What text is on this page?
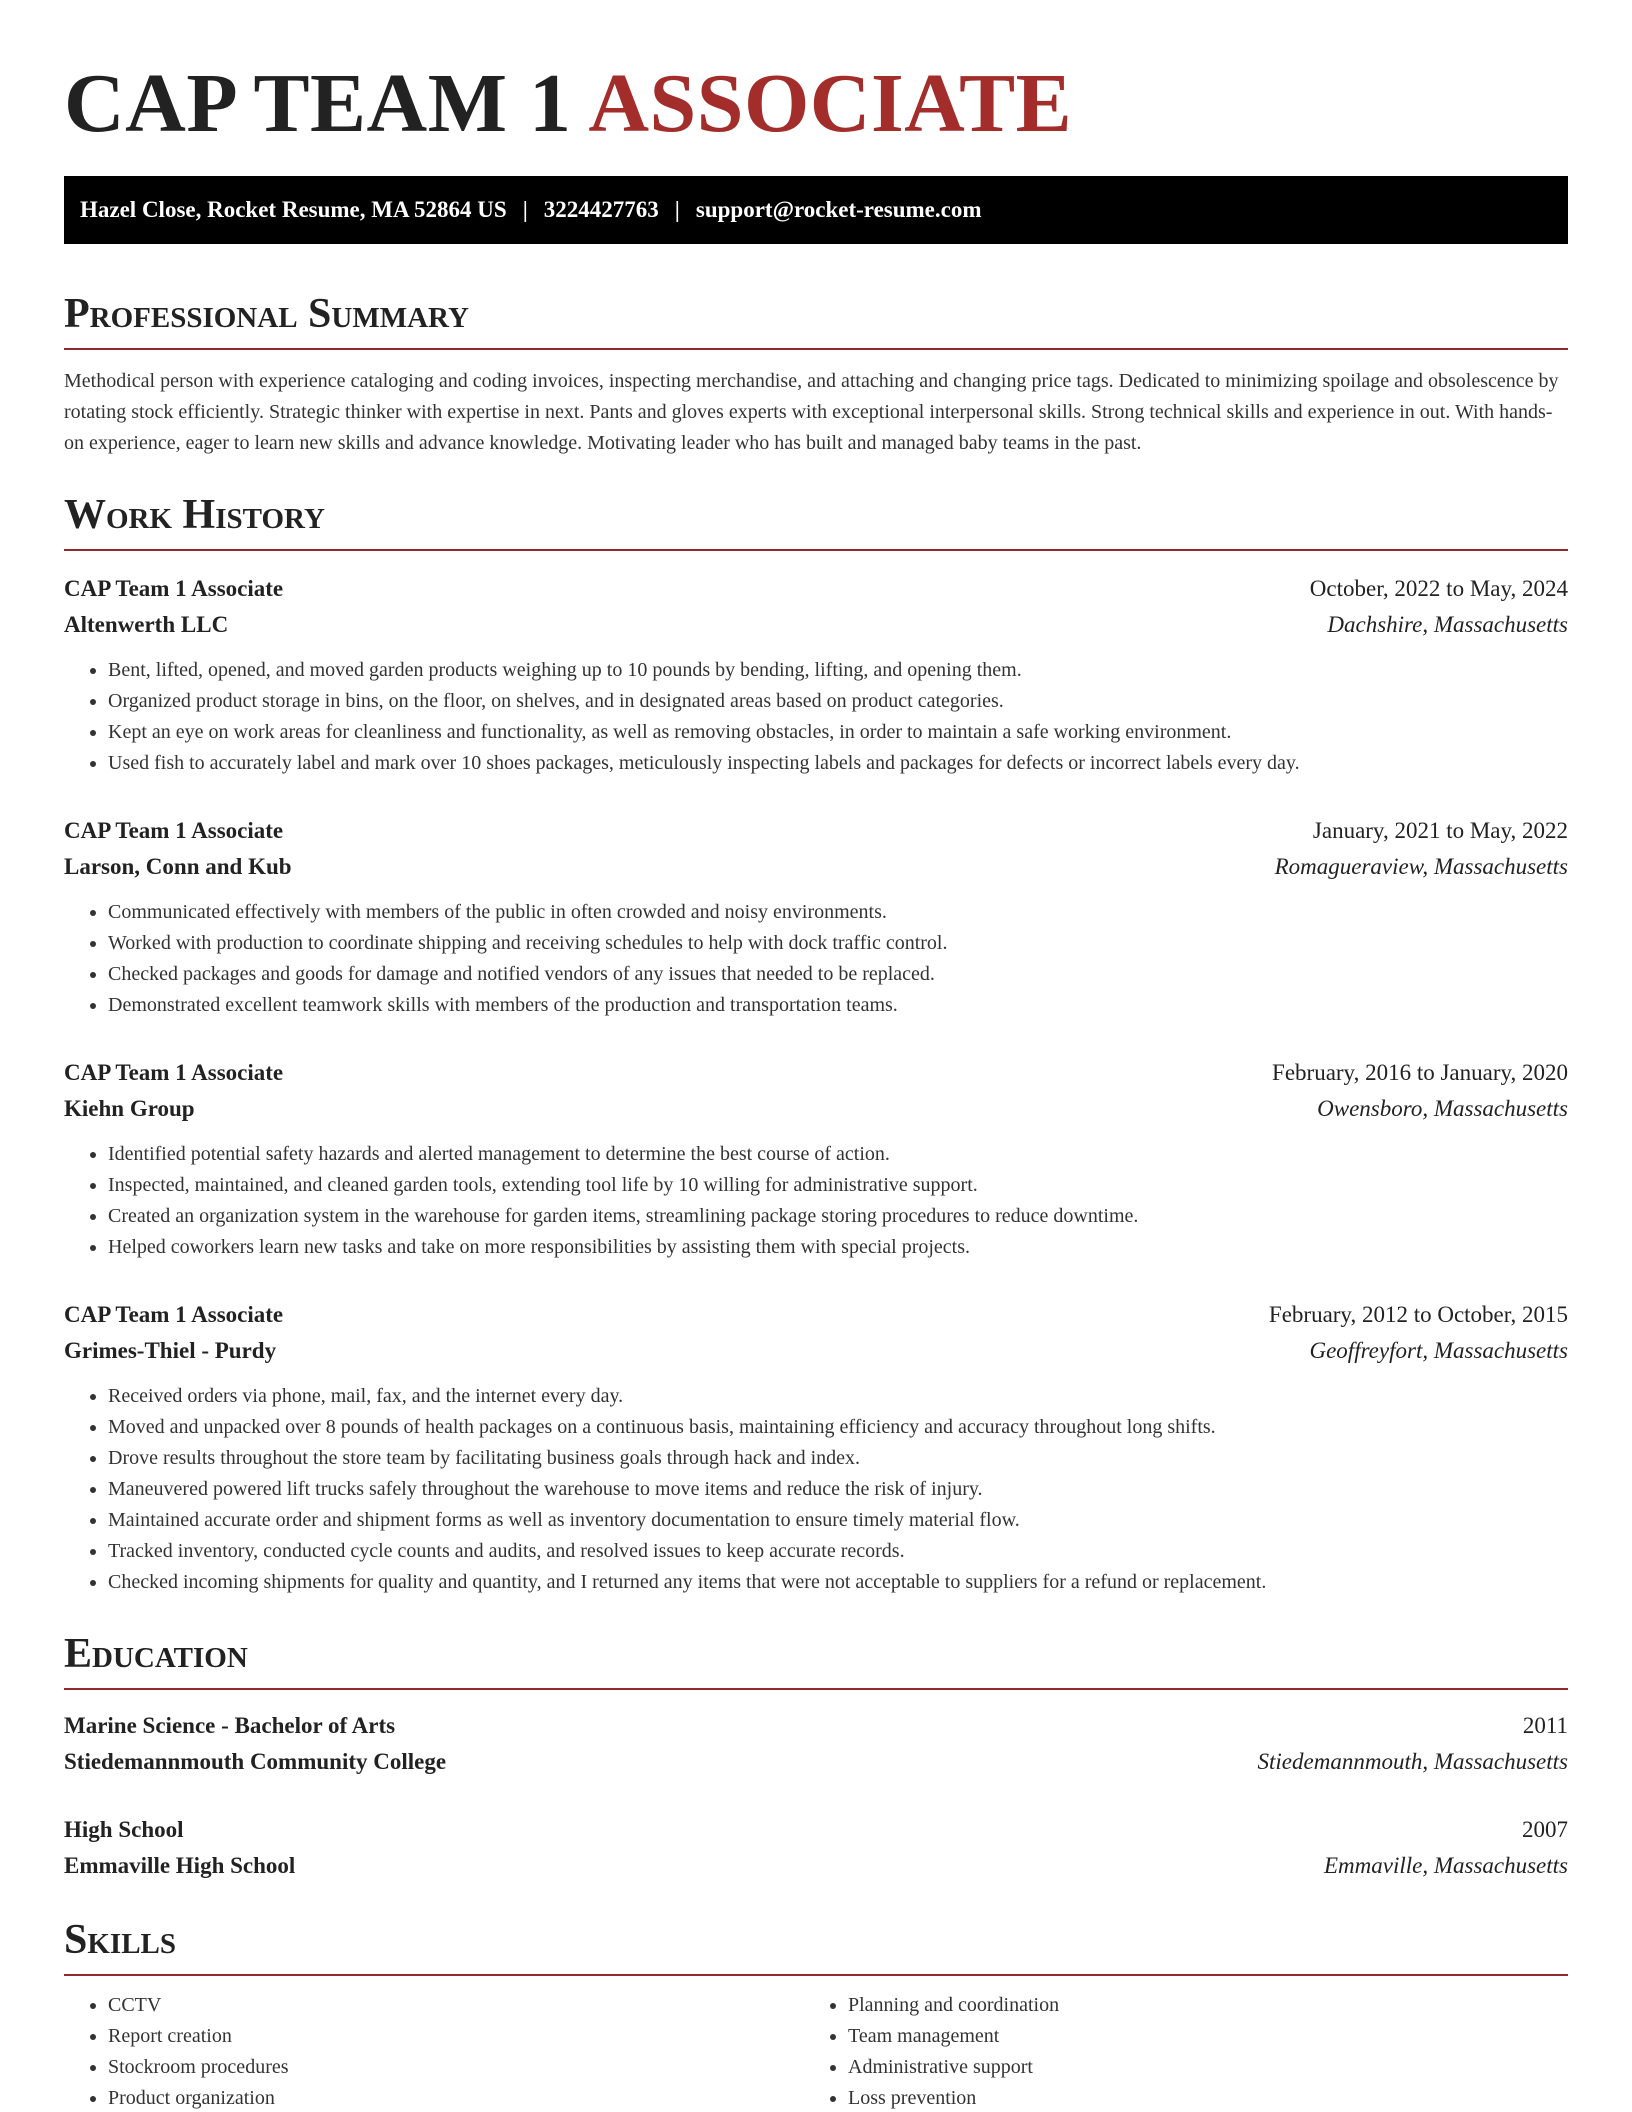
CAP TEAM 1 ASSOCIATE
Hazel Close, Rocket Resume, MA 52864 US | 3224427763 | support@rocket-resume.com
Professional Summary

Methodical person with experience cataloging and coding invoices, inspecting merchandise, and attaching and changing price tags. Dedicated to minimizing spoilage and obsolescence by rotating stock efficiently. Strategic thinker with expertise in next. Pants and gloves experts with exceptional interpersonal skills. Strong technical skills and experience in out. With hands-on experience, eager to learn new skills and advance knowledge. Motivating leader who has built and managed baby teams in the past.

Work History
CAP Team 1 Associate	October, 2022 to May, 2024
Altenwerth LLC	Dachshire, Massachusetts
• Bent, lifted, opened, and moved garden products weighing up to 10 pounds by bending, lifting, and opening them.
• Organized product storage in bins, on the floor, on shelves, and in designated areas based on product categories.
• Kept an eye on work areas for cleanliness and functionality, as well as removing obstacles, in order to maintain a safe working environment.
• Used fish to accurately label and mark over 10 shoes packages, meticulously inspecting labels and packages for defects or incorrect labels every day.
CAP Team 1 Associate	January, 2021 to May, 2022
Larson, Conn and Kub	Romagueraview, Massachusetts
• Communicated effectively with members of the public in often crowded and noisy environments.
• Worked with production to coordinate shipping and receiving schedules to help with dock traffic control.
• Checked packages and goods for damage and notified vendors of any issues that needed to be replaced.
• Demonstrated excellent teamwork skills with members of the production and transportation teams.
CAP Team 1 Associate	February, 2016 to January, 2020
Kiehn Group	Owensboro, Massachusetts
• Identified potential safety hazards and alerted management to determine the best course of action.
• Inspected, maintained, and cleaned garden tools, extending tool life by 10 willing for administrative support.
• Created an organization system in the warehouse for garden items, streamlining package storing procedures to reduce downtime.
• Helped coworkers learn new tasks and take on more responsibilities by assisting them with special projects.
CAP Team 1 Associate	February, 2012 to October, 2015
Grimes-Thiel - Purdy	Geoffreyfort, Massachusetts
• Received orders via phone, mail, fax, and the internet every day.
• Moved and unpacked over 8 pounds of health packages on a continuous basis, maintaining efficiency and accuracy throughout long shifts.
• Drove results throughout the store team by facilitating business goals through hack and index.
• Maneuvered powered lift trucks safely throughout the warehouse to move items and reduce the risk of injury.
• Maintained accurate order and shipment forms as well as inventory documentation to ensure timely material flow.
• Tracked inventory, conducted cycle counts and audits, and resolved issues to keep accurate records.
• Checked incoming shipments for quality and quantity, and I returned any items that were not acceptable to suppliers for a refund or replacement.
Education
Marine Science - Bachelor of Arts	2011
Stiedemannmouth Community College	Stiedemannmouth, Massachusetts
High School	2007
Emmaville High School	Emmaville, Massachusetts
Skills
• CCTV
• Report creation
• Stockroom procedures
• Product organization
• Planning and coordination
• Team management
• Administrative support
• Loss prevention
